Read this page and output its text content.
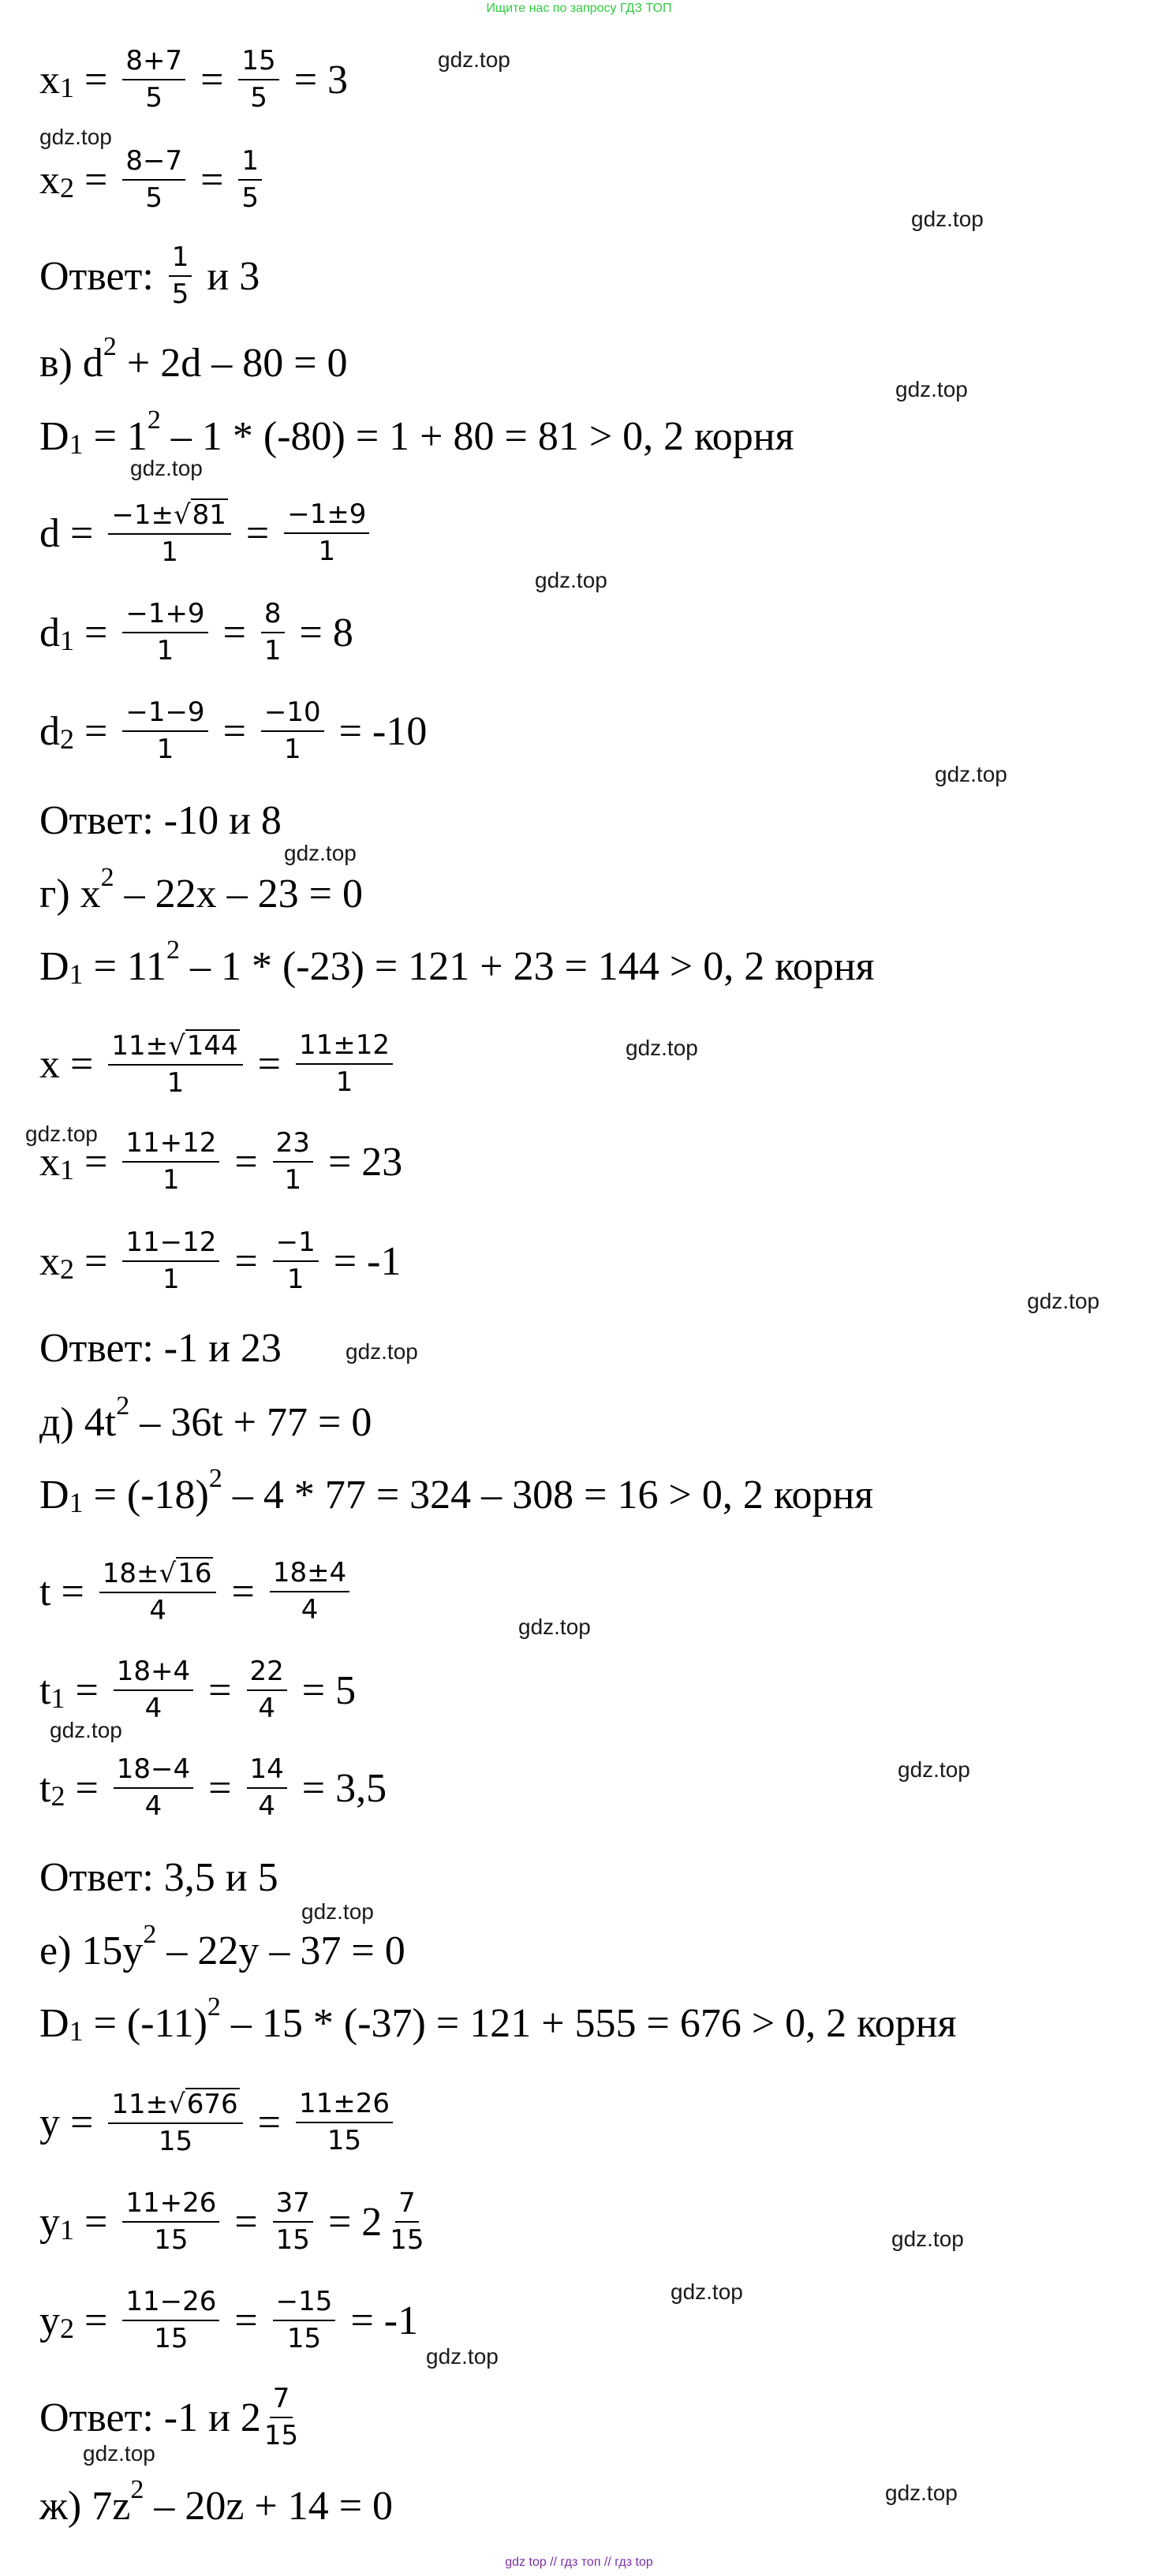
Ищите нас по запросу ГДЗ ТОП
gdz.top
gdz.top
gdz.top
gdz.top
gdz.top
gdz.top
gdz.top
gdz.top
gdz.top
gdz.top
gdz.top
gdz.top
gdz.top
gdz.top
gdz.top
gdz.top
gdz.top
gdz.top
gdz.top
gdz.top
gdz.top
x $1 = \frac{8+7}{5} = \frac{15}{5} = 3$
x $2 = \frac{8-7}{5} = \frac{1}{5}$
Ответ: $\frac{1}{5}$ и 3
в) d 2 + 2d – 80 = 0
D 1 = 1 2 – 1 * (-80) = 1 + 80 = 81 > 0, 2 корня
$d = \frac{-1\pm√ 81}{1} = \frac{-1\pm 9}{1}$
d $1 = \frac{-1+9}{1} = \frac{8}{1} = 8$
d $2 = \frac{-1-9}{1} = \frac{-10}{1} = -10$
Ответ: -10 и 8
г) x 2 – 22x – 23 = 0
D 1 = 11 2 – 1 * (-23) = 121 + 23 = 144 > 0, 2 корня
$x = \frac{11\pm√ 144}{1} = \frac{11\pm 12}{1}$
x $1 = \frac{11+12}{1} = \frac{23}{1} = 23$
x $2 = \frac{11-12}{1} = \frac{-1}{1} = -1$
Ответ: -1 и 23
д) 4t 2 – 36t + 77 = 0
D 1 = (-18) 2 – 4 * 77 = 324 – 308 = 16 > 0, 2 корня
$t = \frac{18\pm√ 16}{4} = \frac{18\pm 4}{4}$
t $1 = \frac{18+4}{4} = \frac{22}{4} = 5$
t $2 = \frac{18-4}{4} = \frac{14}{4} = 3,5$
Ответ: 3,5 и 5
е) 15y 2 – 22y – 37 = 0
D 1 = (-11) 2 – 15 * (-37) = 121 + 555 = 676 > 0, 2 корня
$y = \frac{11\pm√ 676}{15} = \frac{11\pm 26}{15}$
y $1 = \frac{11+26}{15} = \frac{37}{15} = 2 \frac{7}{15}$
y $2 = \frac{11-26}{15} = \frac{-15}{15} = -1$
Ответ: -1 и $2 \frac{7}{15}$
ж) 7z 2 – 20z + 14 = 0
gdz top // гдз топ // гдз top
